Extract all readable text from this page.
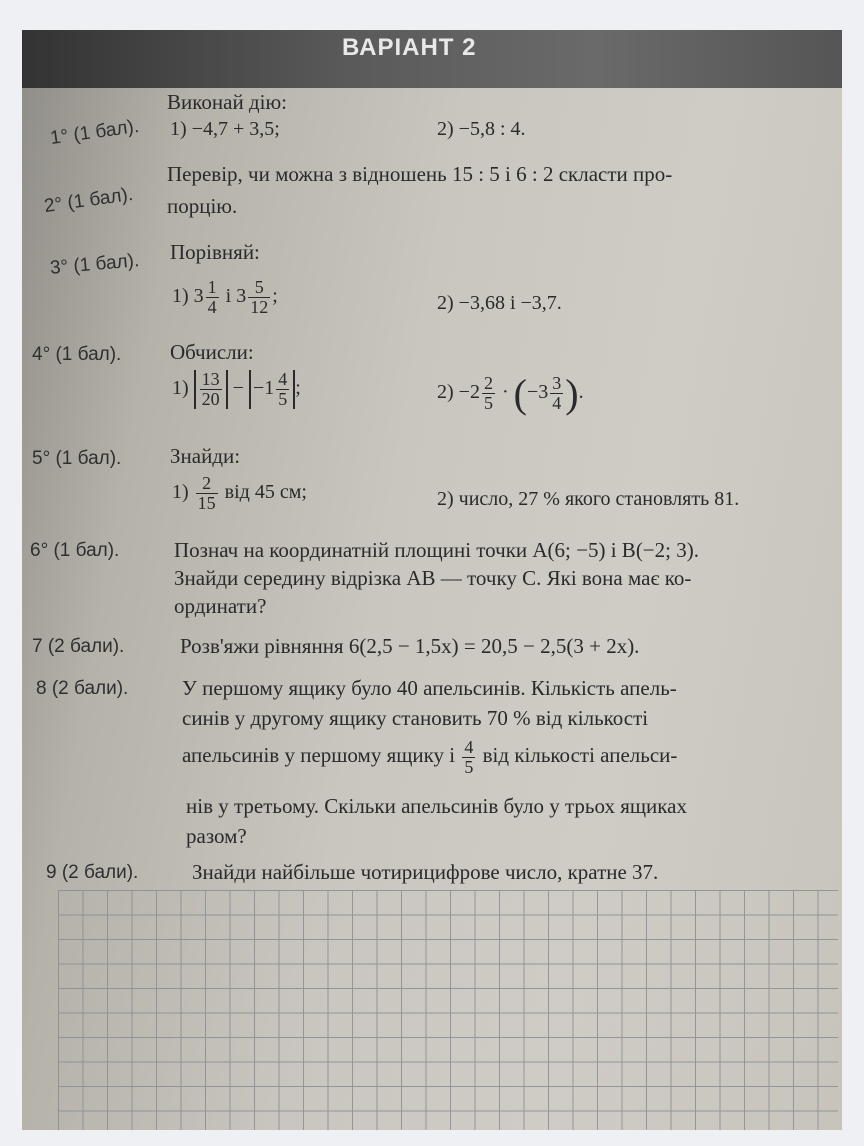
ВАРІАНТ 2
1° (1 бал).
Виконай дію:
1) −4,7 + 3,5;	2) −5,8 : 4.
2° (1 бал).
Перевір, чи можна з відношень 15 : 5 і 6 : 2 скласти про-
порцію.
3° (1 бал). Порівняй:
1) $3 \frac{1}{4}$ і $3 \frac{5}{12}$ ;	2) −3,68 і −3,7.
4° (1 бал). Обчисли:
$1) \frac{13}{20} - -1 \frac{4}{5}$ ;	$2) -2 \frac{2}{5} \cdot (-3 \frac{3}{4}$ ).
5° (1 бал). Знайди:
$1) \frac{2}{15}$ від 45 см;	2) число, 27 % якого становлять 81.
6° (1 бал).	Познач на координатній площині точки A(6; −5) і B(−2; 3).
Знайди середину відрізка AB — точку C. Які вона має ко-
ординати?
7 (2 бали).	Розв'яжи рівняння 6(2,5 − 1,5x) = 20,5 − 2,5(3 + 2x).
8 (2 бали).	У першому ящику було 40 апельсинів. Кількість апель-
синів у другому ящику становить 70 % від кількості
апельсинів у першому ящику і $\frac{4}{5}$ від кількості апельси-
нів у третьому. Скільки апельсинів було у трьох ящиках
разом?
9 (2 бали).	Знайди найбільше чотирицифрове число, кратне 37.
